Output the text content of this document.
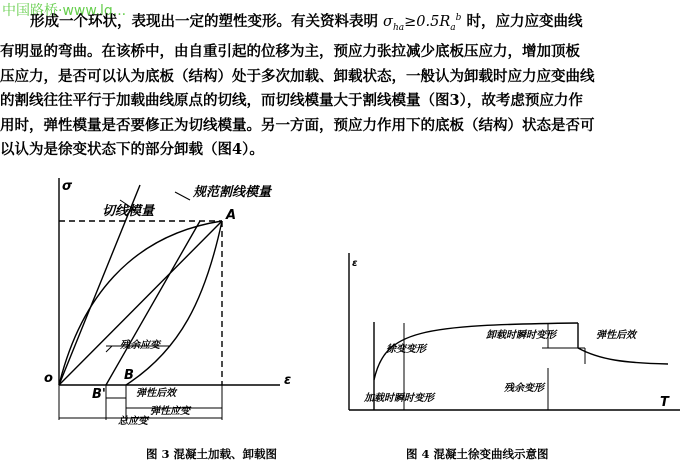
中国路桥·www.lq...
形成一个环状，表现出一定的塑性变形。有关资料表明 $\sigma_{ha}\ge 0.5R_a^b$ 时，应力应变曲线
有明显的弯曲。在该桥中，由自重引起的位移为主，预应力张拉减少底板压应力，增加顶板
压应力，是否可以认为底板（结构）处于多次加载、卸载状态，一般认为卸载时应力应变曲线
的割线往往平行于加载曲线原点的切线，而切线模量大于割线模量（图3），故考虑预应力作
用时，弹性模量是否要修正为切线模量。另一方面，预应力作用下的底板（结构）状态是否可
以认为是徐变状态下的部分卸载（图4）。
σ
ε
o
切线模量
规范割线模量
A
B
B'
残余应变
弹性后效
弹性应变
总应变
ε
T
徐变变形
加载时瞬时变形
卸载时瞬时变形	弹性后效
残余变形
图 3 混凝土加载、卸载图	图 4 混凝土徐变曲线示意图
